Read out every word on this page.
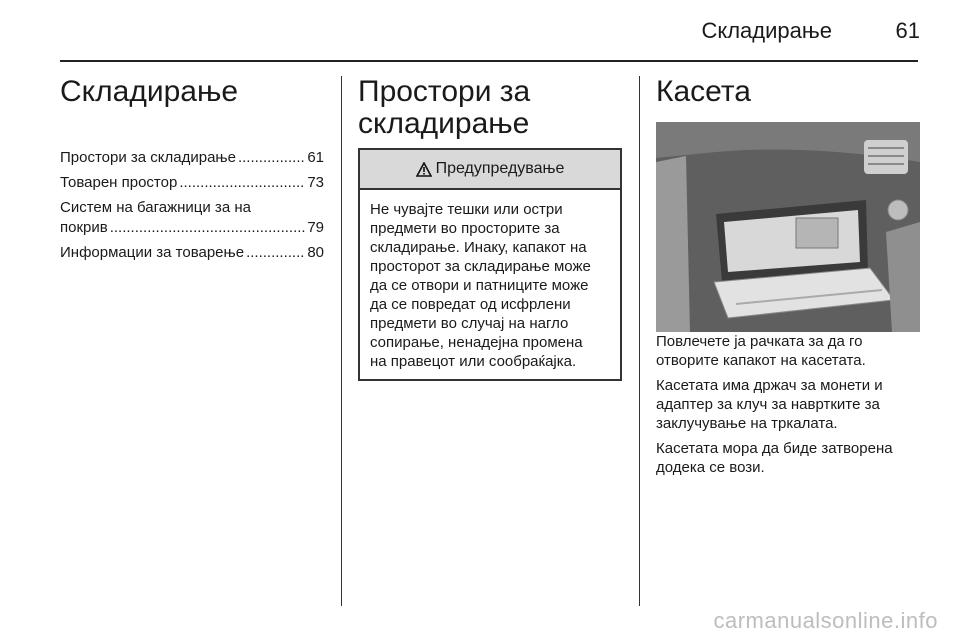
Складирање	61
Складирање
Простори за складирање .....	61
Товарен простор .....	73
Систем на багажници за на
покрив .....	79
Информации за товарење .....	80
Простори за
складирање
Предупредување
Не чувајте тешки или остри
предмети во просторите за
складирање. Инаку, капакот на
просторот за складирање може
да се отвори и патниците може
да се повредат од исфрлени
предмети во случај на нагло
сопирање, ненадејна промена
на правецот или сообраќајка.
Касета
Повлечете ја рачката за да го
отворите капакот на касетата.
Касетата има држач за монети и
адаптер за клуч за наврткитe за
заклучување на тркалата.
Касетата мора да биде затворена
додека се вози.
carmanualsonline.info
